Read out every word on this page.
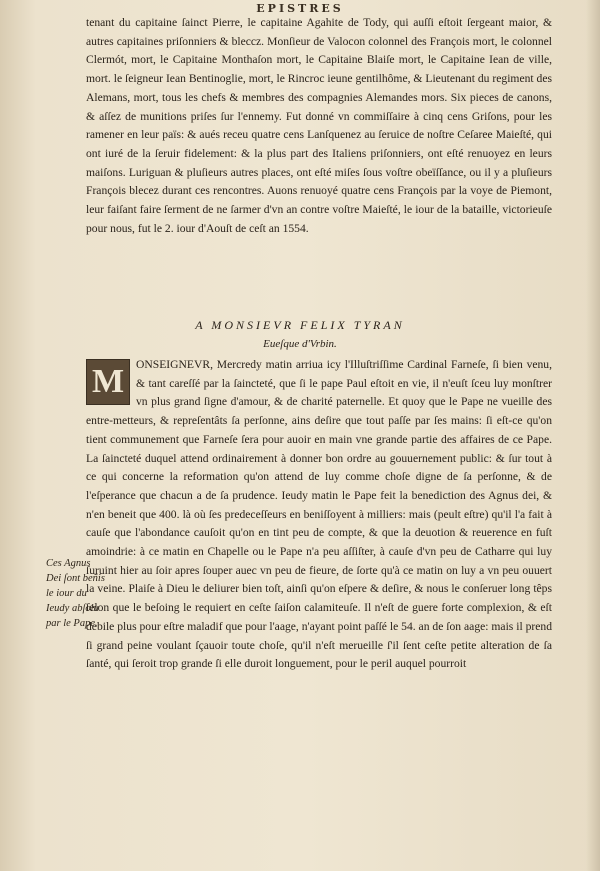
EPISTRES

tenant du capitaine ſainct Pierre, le capitaine Agahite de Tody, qui auſſi eſtoit ſergeant maior, & autres capitaines priſonniers & bleccz. Monſieur de Valocon colonnel des François mort, le colonnel Clermót, mort, le Capitaine Monthaſon mort, le Capitaine Blaiſe mort, le Capitaine Iean de ville, mort. le ſeigneur Iean Bentinoglie, mort, le Rincroc ieune gentilhôme, & Lieutenant du regiment des Alemans, mort, tous les chefs & membres des compagnies Alemandes mors. Six pieces de canons, & aſſez de munitions priſes ſur l'ennemy. Fut donné vn commiſſaire à cinq cens Griſons, pour les ramener en leur païs: & aués receu quatre cens Lanſquenez au ſeruice de noſtre Ceſaree Maieſté, qui ont iuré de la ſeruir fidelement: & la plus part des Italiens priſonniers, ont eſté renuoyez en leurs maiſons. Luriguan & pluſieurs autres places, ont eſté miſes ſous voſtre obeïſſance, ou il y a pluſieurs François blecez durant ces rencontres. Auons renuoyé quatre cens François par la voye de Piemont, leur faiſant faire ſerment de ne ſarmer d'vn an contre voſtre Maieſté, le iour de la bataille, victorieuſe pour nous, fut le 2. iour d'Aouſt de ceſt an 1554.

A MONSIEVR FELIX TYRAN
Eueſque d'Vrbin.
M	ONSEIGNEVR, Mercredy matin arriua icy l'Illuſtriſſime Cardinal Farneſe, ſi bien venu, & tant careſſé par la ſaincteté, que ſi le pape Paul eſtoit en vie, il n'euſt ſceu luy monſtrer vn plus grand ſigne d'amour, & de charité paternelle. Et quoy que le Pape ne vueille des entre-metteurs, & repreſentâts ſa perſonne, ains deſire que tout paſſe par ſes mains: ſi eſt-ce qu'on tient communement que Farneſe ſera pour auoir en main vne grande partie des affaires de ce Pape. La ſaincteté duquel attend ordinairement à donner bon ordre au gouuernement public: & ſur tout à ce qui concerne la reformation qu'on attend de luy comme choſe digne de ſa perſonne, & de l'eſperance que chacun a de ſa prudence. Ieudy matin le Pape feit la benediction des Agnus dei, & n'en beneit que 400. là où ſes predeceſſeurs en beniſſoyent à milliers: mais (peult eſtre) qu'il l'a fait à cauſe que l'abondance cauſoit qu'on en tint peu de compte, & que la deuotion & reuerence en fuſt amoindrie: à ce matin en Chapelle ou le Pape n'a peu aſſiſter, à cauſe d'vn peu de Catharre qui luy ſuruint hier au ſoir apres ſouper auec vn peu de fieure, de ſorte qu'à ce matin on luy a vn peu ouuert la veine. Plaiſe à Dieu le deliurer bien toſt, ainſi qu'on eſpere & deſire, & nous le conſeruer long têps ſelon que le beſoing le requiert en ceſte ſaiſon calamiteuſe. Il n'eſt de guere forte complexion, & eſt debile plus pour eſtre maladif que pour l'aage, n'ayant point paſſé le 54. an de ſon aage: mais il prend ſi grand peine voulant ſçauoir toute choſe, qu'il n'eſt merueille ſ'il ſent ceſte petite alteration de ſa ſanté, qui ſeroit trop grande ſi elle duroit longuement, pour le peril auquel pourroit

Ces Agnus Dei ſont beñis le iour du Ieudy abſolu par le Pape.
